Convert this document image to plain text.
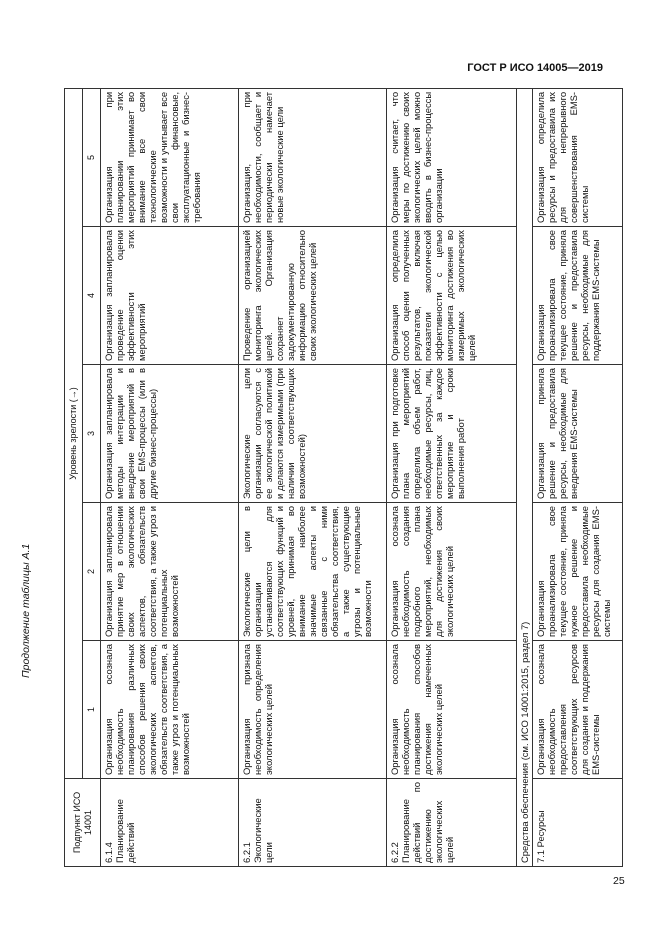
ГОСТ Р ИСО 14005—2019
Продолжение таблицы А.1
25
Подпункт ИСО 14001	Уровень зрелости (→)				
	1	2	3	4	5
6.1.4 Планирование действий	Организация осознала необходимость планирования различных способов решения своих экологических аспектов, обязательств соответствия, а также угроз и потенциальных возможностей	Организация запланировала принятие мер в отношении своих экологических аспектов, обязательств соответствия, а также угроз и потенциальных возможностей	Организация запланировала методы интеграции и внедрение мероприятий в свои EMS-процессы (или в другие бизнес-процессы)	Организация запланировала проведение оценки эффективности этих мероприятий	Организация при планировании этих мероприятий принимает во внимание все свои технологические возможности и учитывает все свои финансовые, эксплуатационные и бизнес-требования
6.2.1 Экологические цели	Организация признала необходимость определения экологических целей	Экологические цели в организации устанавливаются для соответствующих функций и уровней, принимая во внимание наиболее значимые аспекты и связанные с ними обязательства соответствия, а также существующие угрозы и потенциальные возможности	Экологические цели организации согласуются с ее экологической политикой и делаются измеримыми (при наличии соответствующих возможностей)	Проведение организацией мониторинга экологических целей. Организация сохраняет задокументированную информацию относительно своих экологических целей	Организация, при необходимости, сообщает и периодически намечает новые экологические цели
6.2.2 Планирование действий по достижению экологических целей	Организация осознала необходимость планирования способов достижения намеченных экологических целей	Организация осознала необходимость создания подробного плана мероприятий, необходимых для достижения своих экологических целей	Организация при подготовке плана мероприятий определила объем работ, необходимые ресурсы, лиц, ответственных за каждое мероприятие и сроки выполнения работ	Организация определила способ оценки полученных результатов, включая показатели экологической эффективности с целью мониторинга достижения во измеримых экологических целей	Организация считает, что меры по достижению своих экологических целей можно вводить в бизнес-процессы организации
Средства обеспечения (см. ИСО 14001:2015, раздел 7)					
7.1 Ресурсы	Организация осознала необходимость предоставления соответствующих ресурсов для создания и поддержания EMS-системы	Организация проанализировала свое текущее состояние, приняла нужное решение и предоставила необходимые ресурсы для создания EMS-системы	Организация приняла решение и предоставила ресурсы, необходимые для внедрения EMS-системы	Организация проанализировала свое текущее состояние, приняла решение и предоставила ресурсы, необходимые для поддержания EMS-системы	Организация определила ресурсы и предоставила их для непрерывного совершенствования EMS-системы
